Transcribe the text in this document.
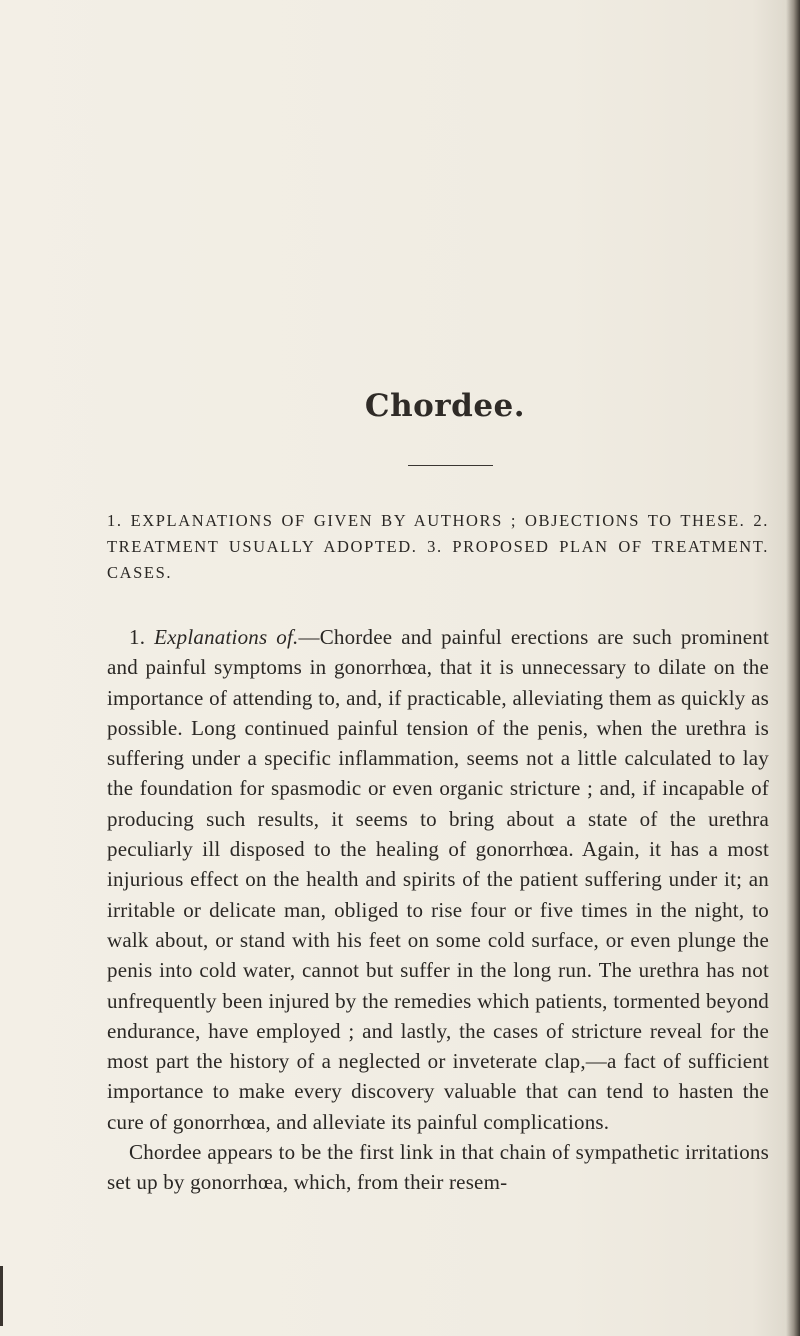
Chordee.
1. EXPLANATIONS OF GIVEN BY AUTHORS ; OBJECTIONS TO THESE. 2. TREATMENT USUALLY ADOPTED. 3. PROPOSED PLAN OF TREATMENT. CASES.

1. Explanations of.—Chordee and painful erections are such prominent and painful symptoms in gonorrhœa, that it is unnecessary to dilate on the importance of attending to, and, if practicable, alleviating them as quickly as possible. Long continued painful tension of the penis, when the urethra is suffering under a specific inflammation, seems not a little calculated to lay the foundation for spasmodic or even organic stricture ; and, if incapable of producing such results, it seems to bring about a state of the urethra peculiarly ill disposed to the healing of gonorrhœa. Again, it has a most injurious effect on the health and spirits of the patient suffering under it; an irritable or delicate man, obliged to rise four or five times in the night, to walk about, or stand with his feet on some cold surface, or even plunge the penis into cold water, cannot but suffer in the long run. The urethra has not unfrequently been injured by the remedies which patients, tormented beyond endurance, have employed ; and lastly, the cases of stricture reveal for the most part the history of a neglected or inveterate clap,—a fact of sufficient importance to make every discovery valuable that can tend to hasten the cure of gonorrhœa, and alleviate its painful complications.

Chordee appears to be the first link in that chain of sympathetic irritations set up by gonorrhœa, which, from their resem-
